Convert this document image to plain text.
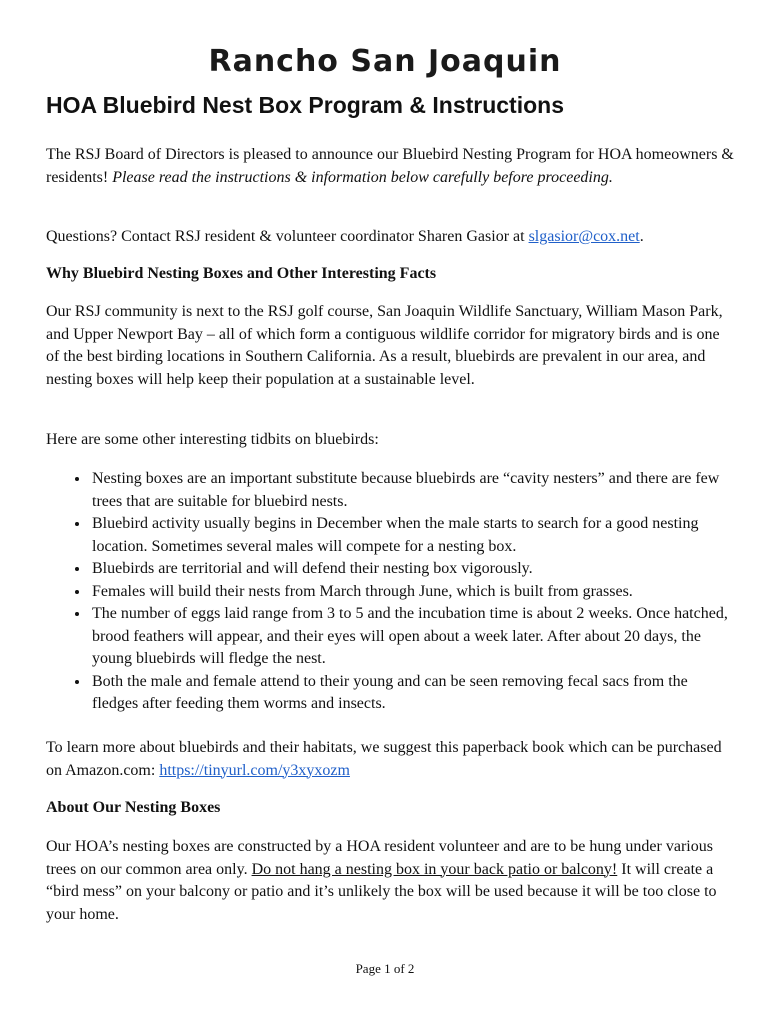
Rancho San Joaquin
HOA Bluebird Nest Box Program & Instructions

The RSJ Board of Directors is pleased to announce our Bluebird Nesting Program for HOA homeowners & residents! Please read the instructions & information below carefully before proceeding.

Questions? Contact RSJ resident & volunteer coordinator Sharen Gasior at slgasior@cox.net.

Why Bluebird Nesting Boxes and Other Interesting Facts

Our RSJ community is next to the RSJ golf course, San Joaquin Wildlife Sanctuary, William Mason Park, and Upper Newport Bay – all of which form a contiguous wildlife corridor for migratory birds and is one of the best birding locations in Southern California. As a result, bluebirds are prevalent in our area, and nesting boxes will help keep their population at a sustainable level.

Here are some other interesting tidbits on bluebirds:
• Nesting boxes are an important substitute because bluebirds are “cavity nesters” and there are few trees that are suitable for bluebird nests.
• Bluebird activity usually begins in December when the male starts to search for a good nesting location. Sometimes several males will compete for a nesting box.
• Bluebirds are territorial and will defend their nesting box vigorously.
• Females will build their nests from March through June, which is built from grasses.
• The number of eggs laid range from 3 to 5 and the incubation time is about 2 weeks. Once hatched, brood feathers will appear, and their eyes will open about a week later. After about 20 days, the young bluebirds will fledge the nest.
• Both the male and female attend to their young and can be seen removing fecal sacs from the fledges after feeding them worms and insects.

To learn more about bluebirds and their habitats, we suggest this paperback book which can be purchased on Amazon.com: https://tinyurl.com/y3xyxozm

About Our Nesting Boxes

Our HOA’s nesting boxes are constructed by a HOA resident volunteer and are to be hung under various trees on our common area only. Do not hang a nesting box in your back patio or balcony! It will create a “bird mess” on your balcony or patio and it’s unlikely the box will be used because it will be too close to your home.

Page 1 of 2
